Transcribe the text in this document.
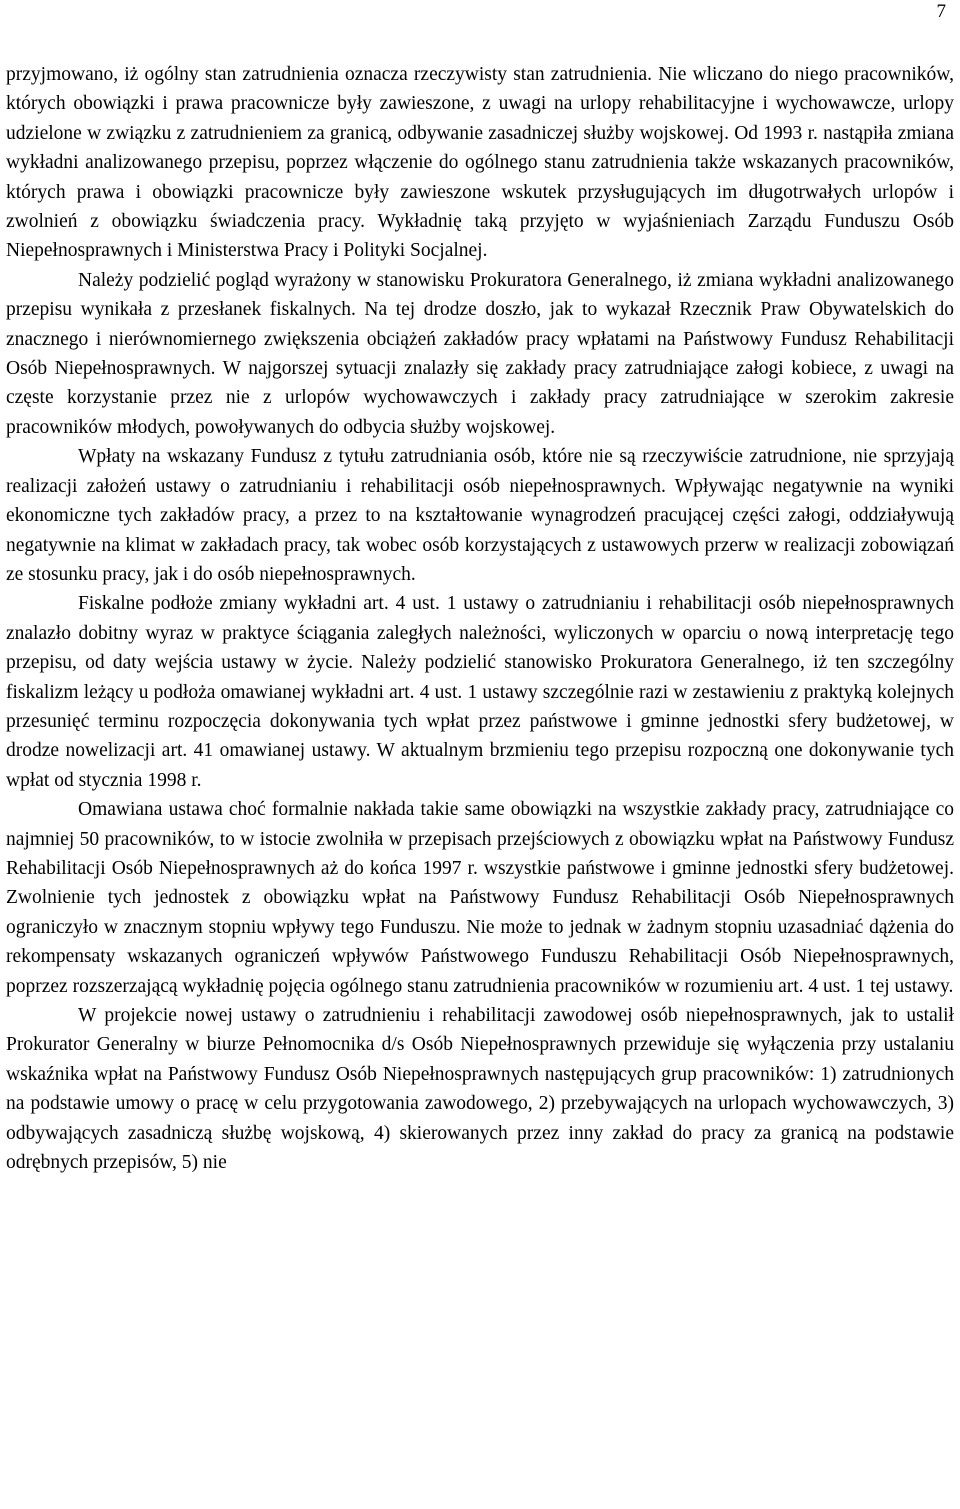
7

przyjmowano, iż ogólny stan zatrudnienia oznacza rzeczywisty stan zatrudnienia. Nie wliczano do niego pracowników, których obowiązki i prawa pracownicze były zawieszone, z uwagi na urlopy rehabilitacyjne i wychowawcze, urlopy udzielone w związku z zatrudnieniem za granicą, odbywanie zasadniczej służby wojskowej. Od 1993 r. nastąpiła zmiana wykładni analizowanego przepisu, poprzez włączenie do ogólnego stanu zatrudnienia także wskazanych pracowników, których prawa i obowiązki pracownicze były zawieszone wskutek przysługujących im długotrwałych urlopów i zwolnień z obowiązku świadczenia pracy. Wykładnię taką przyjęto w wyjaśnieniach Zarządu Funduszu Osób Niepełnosprawnych i Ministerstwa Pracy i Polityki Socjalnej.

Należy podzielić pogląd wyrażony w stanowisku Prokuratora Generalnego, iż zmiana wykładni analizowanego przepisu wynikała z przesłanek fiskalnych. Na tej drodze doszło, jak to wykazał Rzecznik Praw Obywatelskich do znacznego i nierównomiernego zwiększenia obciążeń zakładów pracy wpłatami na Państwowy Fundusz Rehabilitacji Osób Niepełnosprawnych. W najgorszej sytuacji znalazły się zakłady pracy zatrudniające załogi kobiece, z uwagi na częste korzystanie przez nie z urlopów wychowawczych i zakłady pracy zatrudniające w szerokim zakresie pracowników młodych, powoływanych do odbycia służby wojskowej.

Wpłaty na wskazany Fundusz z tytułu zatrudniania osób, które nie są rzeczywiście zatrudnione, nie sprzyjają realizacji założeń ustawy o zatrudnianiu i rehabilitacji osób niepełnosprawnych. Wpływając negatywnie na wyniki ekonomiczne tych zakładów pracy, a przez to na kształtowanie wynagrodzeń pracującej części załogi, oddziaływują negatywnie na klimat w zakładach pracy, tak wobec osób korzystających z ustawowych przerw w realizacji zobowiązań ze stosunku pracy, jak i do osób niepełnosprawnych.

Fiskalne podłoże zmiany wykładni art. 4 ust. 1 ustawy o zatrudnianiu i rehabilitacji osób niepełnosprawnych znalazło dobitny wyraz w praktyce ściągania zaległych należności, wyliczonych w oparciu o nową interpretację tego przepisu, od daty wejścia ustawy w życie. Należy podzielić stanowisko Prokuratora Generalnego, iż ten szczególny fiskalizm leżący u podłoża omawianej wykładni art. 4 ust. 1 ustawy szczególnie razi w zestawieniu z praktyką kolejnych przesunięć terminu rozpoczęcia dokonywania tych wpłat przez państwowe i gminne jednostki sfery budżetowej, w drodze nowelizacji art. 41 omawianej ustawy. W aktualnym brzmieniu tego przepisu rozpoczną one dokonywanie tych wpłat od stycznia 1998 r.

Omawiana ustawa choć formalnie nakłada takie same obowiązki na wszystkie zakłady pracy, zatrudniające co najmniej 50 pracowników, to w istocie zwolniła w przepisach przejściowych z obowiązku wpłat na Państwowy Fundusz Rehabilitacji Osób Niepełnosprawnych aż do końca 1997 r. wszystkie państwowe i gminne jednostki sfery budżetowej. Zwolnienie tych jednostek z obowiązku wpłat na Państwowy Fundusz Rehabilitacji Osób Niepełnosprawnych ograniczyło w znacznym stopniu wpływy tego Funduszu. Nie może to jednak w żadnym stopniu uzasadniać dążenia do rekompensaty wskazanych ograniczeń wpływów Państwowego Funduszu Rehabilitacji Osób Niepełnosprawnych, poprzez rozszerzającą wykładnię pojęcia ogólnego stanu zatrudnienia pracowników w rozumieniu art. 4 ust. 1 tej ustawy.

W projekcie nowej ustawy o zatrudnieniu i rehabilitacji zawodowej osób niepełnosprawnych, jak to ustalił Prokurator Generalny w biurze Pełnomocnika d/s Osób Niepełnosprawnych przewiduje się wyłączenia przy ustalaniu wskaźnika wpłat na Państwowy Fundusz Osób Niepełnosprawnych następujących grup pracowników: 1) zatrudnionych na podstawie umowy o pracę w celu przygotowania zawodowego, 2) przebywających na urlopach wychowawczych, 3) odbywających zasadniczą służbę wojskową, 4) skierowanych przez inny zakład do pracy za granicą na podstawie odrębnych przepisów, 5) nie
